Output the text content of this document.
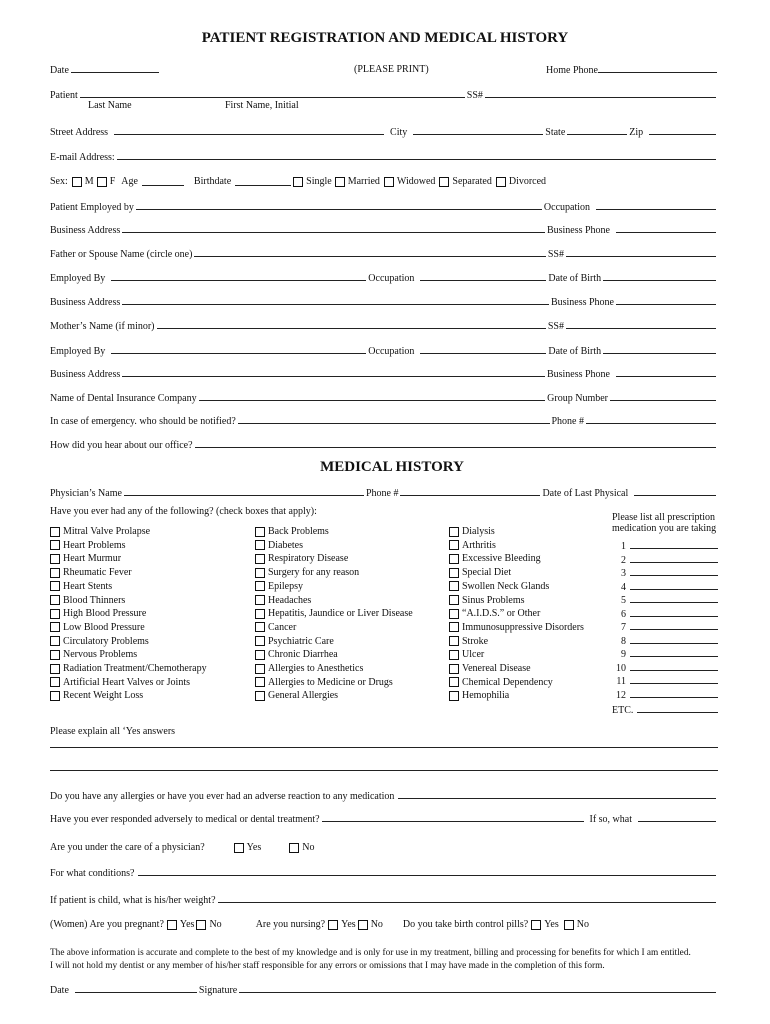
PATIENT REGISTRATION AND MEDICAL HISTORY
Date	(PLEASE PRINT)	Home Phone
Patient	SS#
Last Name	First Name, Initial
Street Address	City	State	Zip
E-mail Address:
Sex: M F Age	Birthdate	Single Married Widowed Separated Divorced
Patient Employed by	Occupation
Business Address	Business Phone
Father or Spouse Name (circle one)	SS#
Employed By	Occupation	Date of Birth
Business Address	Business Phone
Mother’s Name (if minor)	SS#
Employed By	Occupation	Date of Birth
Business Address	Business Phone
Name of Dental Insurance Company	Group Number
In case of emergency. who should be notified?	Phone #
How did you hear about our office?
MEDICAL HISTORY
Physician’s Name	Phone #	Date of Last Physical
Have you ever had any of the following? (check boxes that apply):
Please list all prescription
medication you are taking
Mitral Valve Prolapse
Heart Problems
Heart Murmur
Rheumatic Fever
Heart Stents
Blood Thinners
High Blood Pressure
Low Blood Pressure
Circulatory Problems
Nervous Problems
Radiation Treatment/Chemotherapy
Artificial Heart Valves or Joints
Recent Weight Loss
Back Problems
Diabetes
Respiratory Disease
Surgery for any reason
Epilepsy
Headaches
Hepatitis, Jaundice or Liver Disease
Cancer
Psychiatric Care
Chronic Diarrhea
Allergies to Anesthetics
Allergies to Medicine or Drugs
General Allergies
Dialysis
Arthritis
Excessive Bleeding
Special Diet
Swollen Neck Glands
Sinus Problems
“A.I.D.S.” or Other
Immunosuppressive Disorders
Stroke
Ulcer
Venereal Disease
Chemical Dependency
Hemophilia
1
2
3
4
5
6
7
8
9
10
11
12
ETC.
Please explain all ‘Yes answers
Do you have any allergies or have you ever had an adverse reaction to any medication
Have you ever responded adversely to medical or dental treatment?	If so, what
Are you under the care of a physician?	Yes	No
For what conditions?
If patient is child, what is his/her weight?
(Women) Are you pregnant? Yes No	Are you nursing? Yes No Do you take birth control pills? Yes No
The above information is accurate and complete to the best of my knowledge and is only for use in my treatment, billing and processing for benefits for which I am entitled.
I will not hold my dentist or any member of his/her staff responsible for any errors or omissions that I may have made in the completion of this form.
Date	Signature
